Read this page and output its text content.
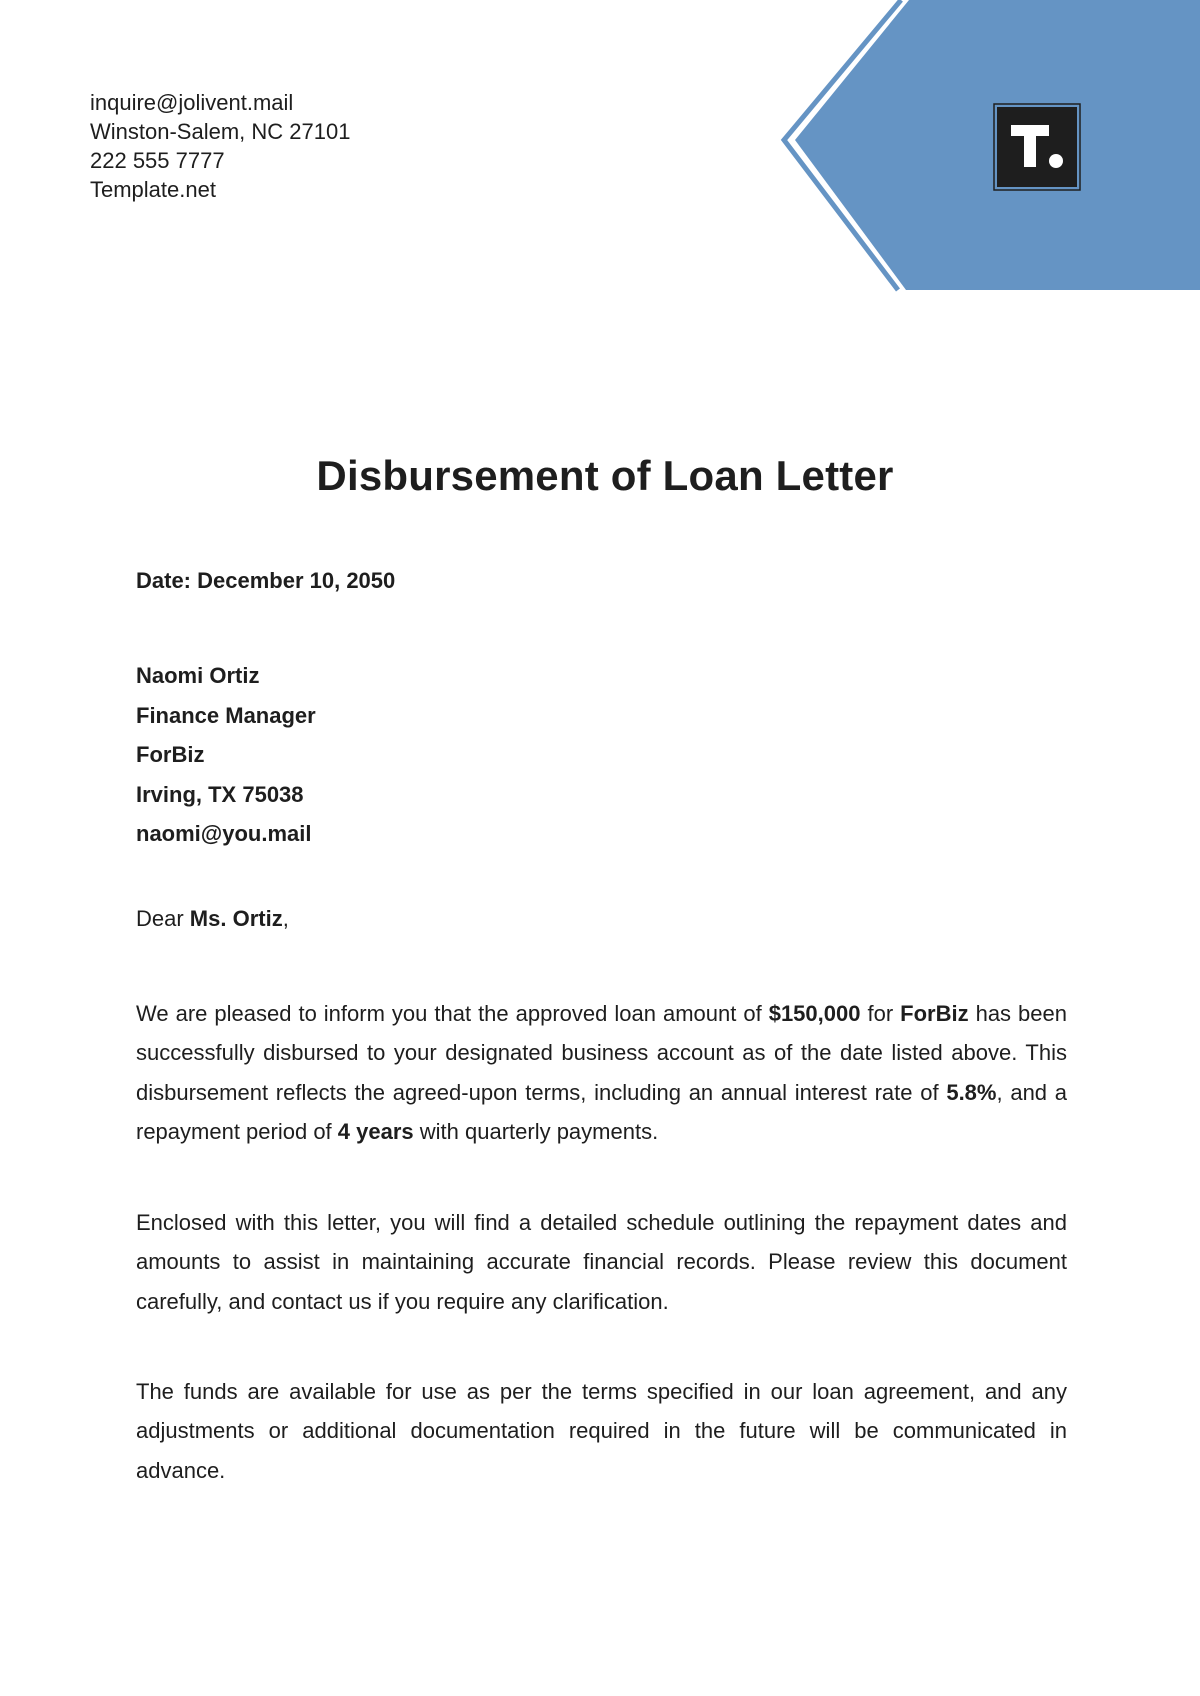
inquire@jolivent.mail
Winston-Salem, NC 27101
222 555 7777
Template.net
Disbursement of Loan Letter
Date: December 10, 2050
Naomi Ortiz
Finance Manager
ForBiz
Irving, TX 75038
naomi@you.mail
Dear Ms. Ortiz,
We are pleased to inform you that the approved loan amount of $150,000 for ForBiz has been successfully disbursed to your designated business account as of the date listed above. This disbursement reflects the agreed-upon terms, including an annual interest rate of 5.8%, and a repayment period of 4 years with quarterly payments.
Enclosed with this letter, you will find a detailed schedule outlining the repayment dates and amounts to assist in maintaining accurate financial records. Please review this document carefully, and contact us if you require any clarification.
The funds are available for use as per the terms specified in our loan agreement, and any adjustments or additional documentation required in the future will be communicated in advance.
